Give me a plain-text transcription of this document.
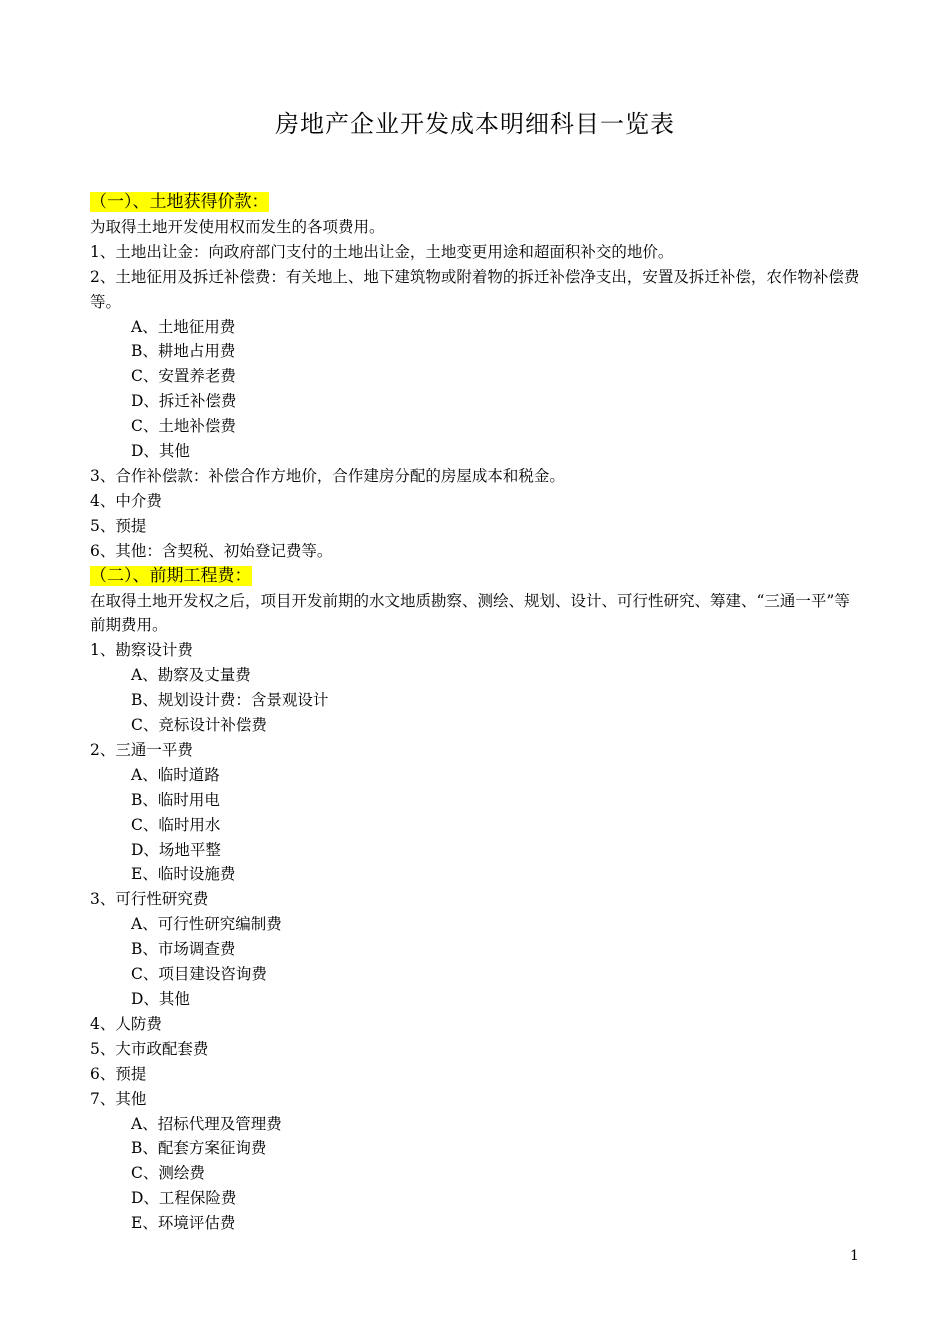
房地产企业开发成本明细科目一览表
（一）、土地获得价款：
为取得土地开发使用权而发生的各项费用。
1、土地出让金：向政府部门支付的土地出让金，土地变更用途和超面积补交的地价。
2、土地征用及拆迁补偿费：有关地上、地下建筑物或附着物的拆迁补偿净支出，安置及拆迁补偿，农作物补偿费等。
A、土地征用费
B、耕地占用费
C、安置养老费
D、拆迁补偿费
C、土地补偿费
D、其他
3、合作补偿款：补偿合作方地价，合作建房分配的房屋成本和税金。
4、中介费
5、预提
6、其他：含契税、初始登记费等。
（二）、前期工程费：
在取得土地开发权之后，项目开发前期的水文地质勘察、测绘、规划、设计、可行性研究、筹建、“三通一平”等前期费用。
1、勘察设计费
A、勘察及丈量费
B、规划设计费：含景观设计
C、竞标设计补偿费
2、三通一平费
A、临时道路
B、临时用电
C、临时用水
D、场地平整
E、临时设施费
3、可行性研究费
A、可行性研究编制费
B、市场调查费
C、项目建设咨询费
D、其他
4、人防费
5、大市政配套费
6、预提
7、其他
A、招标代理及管理费
B、配套方案征询费
C、测绘费
D、工程保险费
E、环境评估费
1
